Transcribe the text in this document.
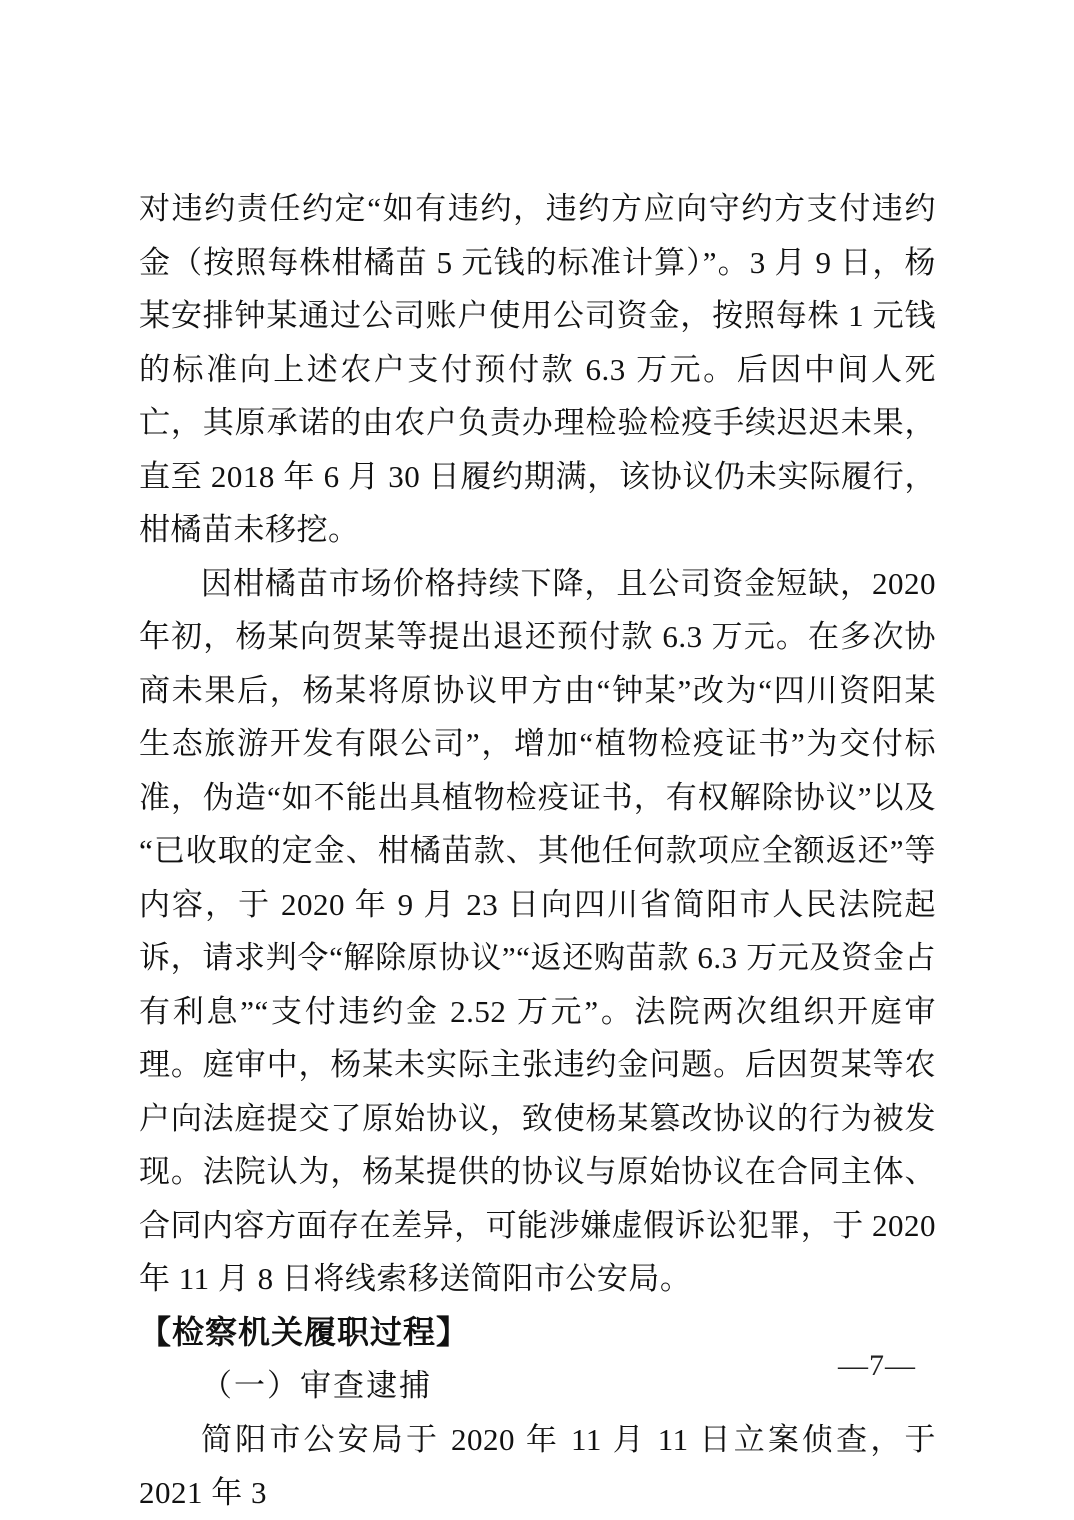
对违约责任约定“如有违约，违约方应向守约方支付违约金（按照每株柑橘苗 5 元钱的标准计算）”。3 月 9 日，杨某安排钟某通过公司账户使用公司资金，按照每株 1 元钱的标准向上述农户支付预付款 6.3 万元。后因中间人死亡，其原承诺的由农户负责办理检验检疫手续迟迟未果，直至 2018 年 6 月 30 日履约期满，该协议仍未实际履行，柑橘苗未移挖。

因柑橘苗市场价格持续下降，且公司资金短缺，2020 年初，杨某向贺某等提出退还预付款 6.3 万元。在多次协商未果后，杨某将原协议甲方由“钟某”改为“四川资阳某生态旅游开发有限公司”，增加“植物检疫证书”为交付标准，伪造“如不能出具植物检疫证书，有权解除协议”以及“已收取的定金、柑橘苗款、其他任何款项应全额返还”等内容，于 2020 年 9 月 23 日向四川省简阳市人民法院起诉，请求判令“解除原协议”“返还购苗款 6.3 万元及资金占有利息”“支付违约金 2.52 万元”。法院两次组织开庭审理。庭审中，杨某未实际主张违约金问题。后因贺某等农户向法庭提交了原始协议，致使杨某篡改协议的行为被发现。法院认为，杨某提供的协议与原始协议在合同主体、合同内容方面存在差异，可能涉嫌虚假诉讼犯罪，于 2020 年 11 月 8 日将线索移送简阳市公安局。

【检察机关履职过程】

（一）审查逮捕

简阳市公安局于 2020 年 11 月 11 日立案侦查，于 2021 年 3

—7—
